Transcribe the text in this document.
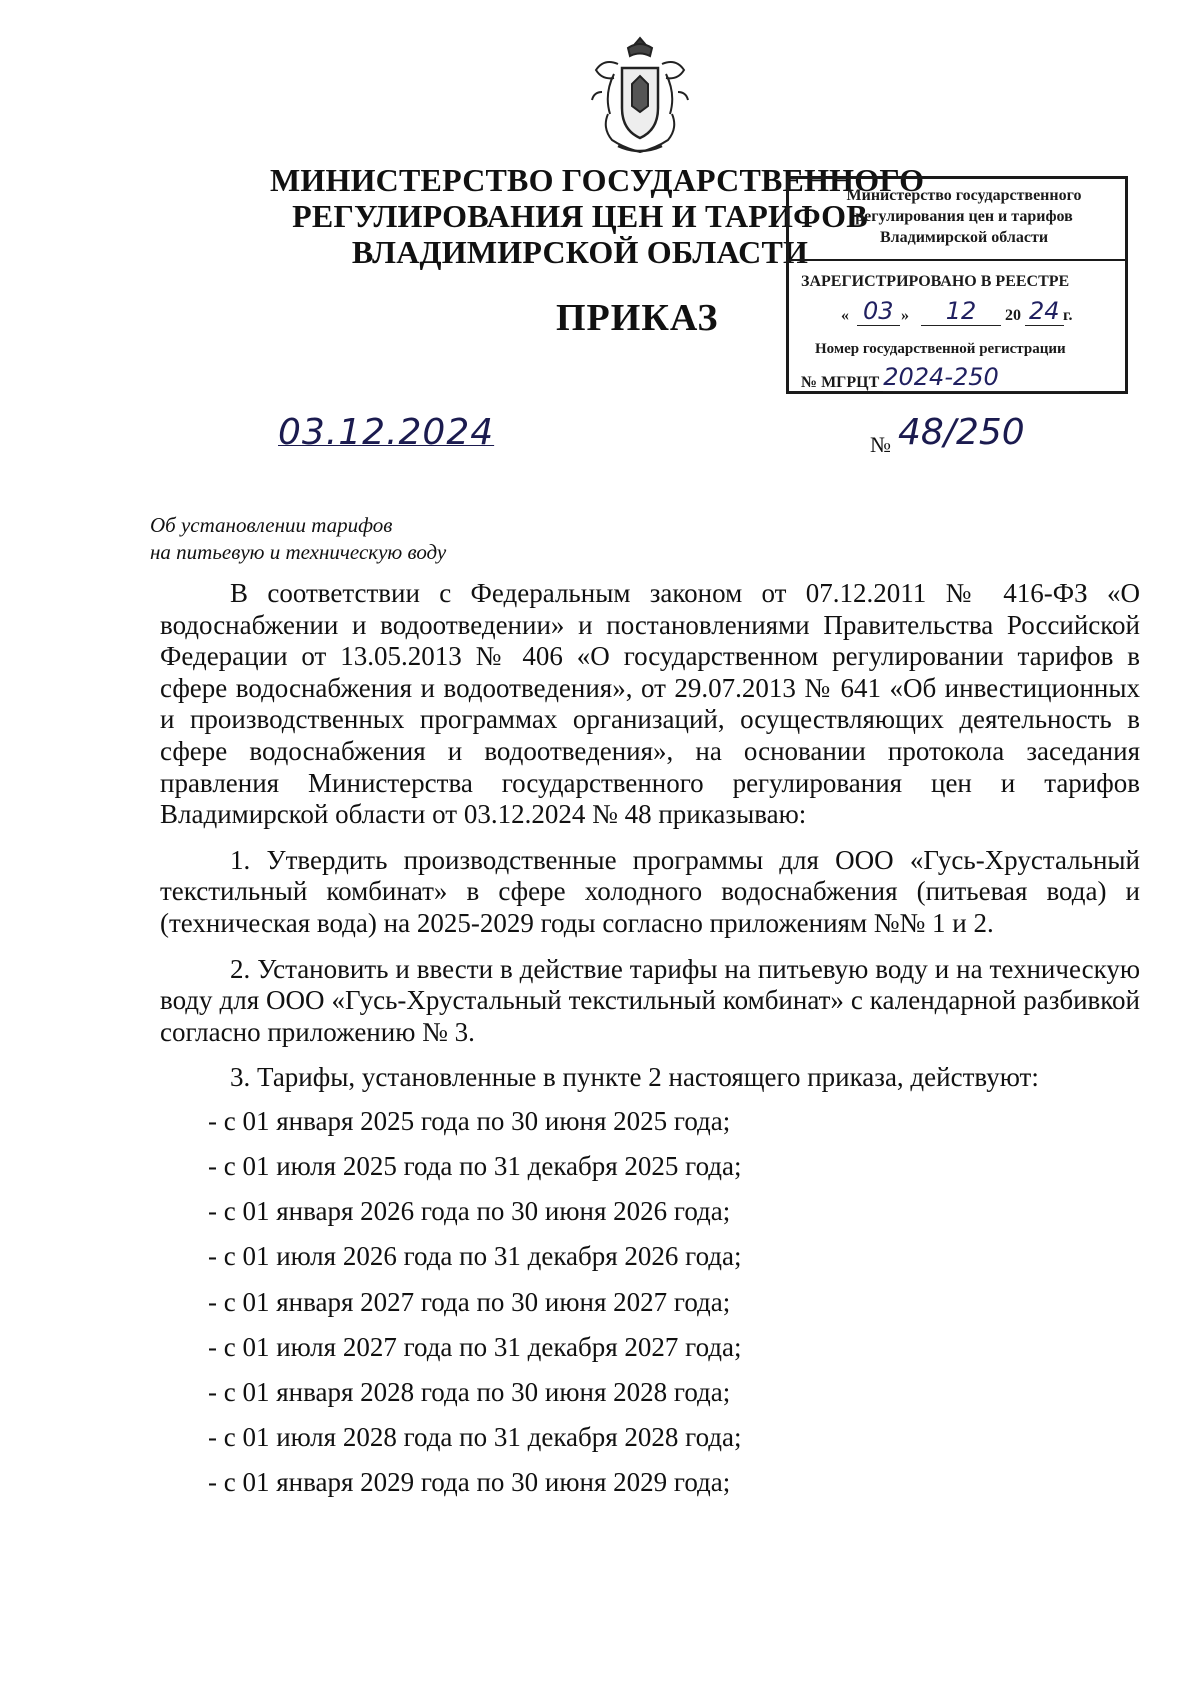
МИНИСТЕРСТВО ГОСУДАРСТВЕННОГО
РЕГУЛИРОВАНИЯ ЦЕН И ТАРИФОВ
ВЛАДИМИРСКОЙ ОБЛАСТИ
Министерство государственного
регулирования цен и тарифов
Владимирской области
ЗАРЕГИСТРИРОВАНО В РЕЕСТРЕ
« 03 »	12	20 24 г.
Номер государственной регистрации
№ МГРЦТ 2024-250
ПРИКАЗ
03.12.2024	№ 48/250
Об установлении тарифов
на питьевую и техническую воду

В соответствии с Федеральным законом от 07.12.2011 № 416-ФЗ «О водоснабжении и водоотведении» и постановлениями Правительства Российской Федерации от 13.05.2013 № 406 «О государственном регулировании тарифов в сфере водоснабжения и водоотведения», от 29.07.2013 № 641 «Об инвестиционных и производственных программах организаций, осуществляющих деятельность в сфере водоснабжения и водоотведения», на основании протокола заседания правления Министерства государственного регулирования цен и тарифов Владимирской области от 03.12.2024 № 48 приказываю:

1. Утвердить производственные программы для ООО «Гусь-Хрустальный текстильный комбинат» в сфере холодного водоснабжения (питьевая вода) и (техническая вода) на 2025-2029 годы согласно приложениям №№ 1 и 2.

2. Установить и ввести в действие тарифы на питьевую воду и на техническую воду для ООО «Гусь-Хрустальный текстильный комбинат» с календарной разбивкой согласно приложению № 3.

3. Тарифы, установленные в пункте 2 настоящего приказа, действуют:

- с 01 января 2025 года по 30 июня 2025 года;
- с 01 июля 2025 года по 31 декабря 2025 года;
- с 01 января 2026 года по 30 июня 2026 года;
- с 01 июля 2026 года по 31 декабря 2026 года;
- с 01 января 2027 года по 30 июня 2027 года;
- с 01 июля 2027 года по 31 декабря 2027 года;
- с 01 января 2028 года по 30 июня 2028 года;
- с 01 июля 2028 года по 31 декабря 2028 года;
- с 01 января 2029 года по 30 июня 2029 года;
